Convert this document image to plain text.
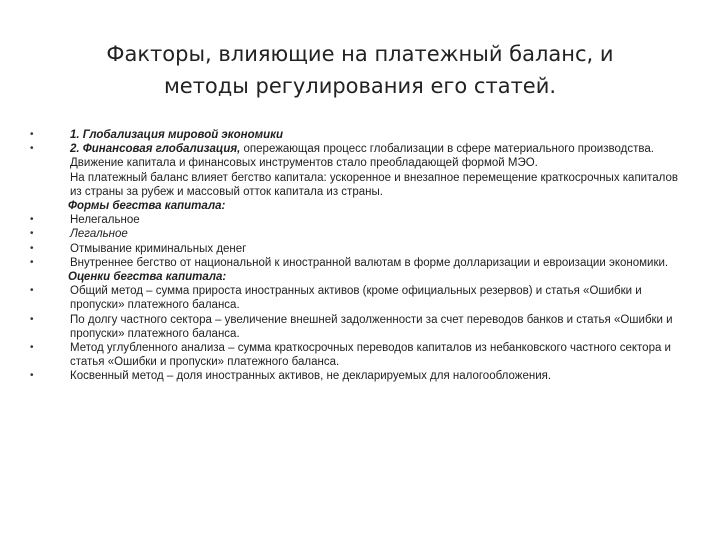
Факторы, влияющие на платежный баланс, и
методы регулирования его статей.
• 1. Глобализация мировой экономики
• 2. Финансовая глобализация, опережающая процесс глобализации в сфере материального производства. Движение капитала и финансовых инструментов стало преобладающей формой МЭО.
На платежный баланс влияет бегство капитала: ускоренное и внезапное перемещение краткосрочных капиталов из страны за рубеж и массовый отток капитала из страны.
Формы бегства капитала:
• Нелегальное
• Легальное
• Отмывание криминальных денег
• Внутреннее бегство от национальной к иностранной валютам в форме долларизации и евроизации экономики.
Оценки бегства капитала:
• Общий метод – сумма прироста иностранных активов (кроме официальных резервов) и статья «Ошибки и пропуски» платежного баланса.
• По долгу частного сектора – увеличение внешней задолженности за счет переводов банков и статья «Ошибки и пропуски» платежного баланса.
• Метод углубленного анализа – сумма краткосрочных переводов капиталов из небанковского частного сектора и статья «Ошибки и пропуски» платежного баланса.
• Косвенный метод – доля иностранных активов, не декларируемых для налогообложения.
